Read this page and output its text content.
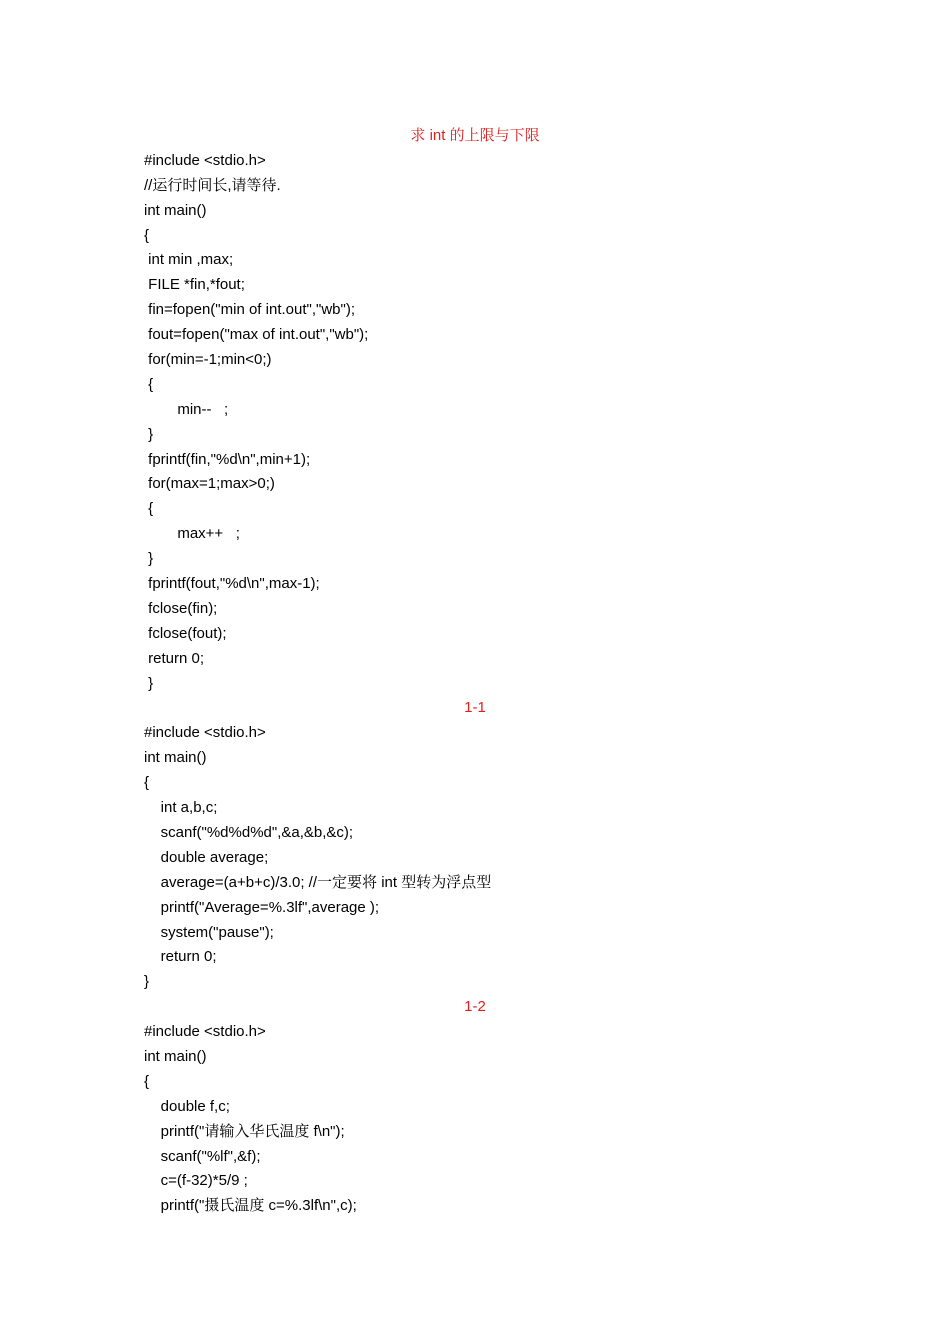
求 int 的上限与下限
#include <stdio.h>
//运行时间长,请等待.
int main()
{
int min ,max;
FILE *fin,*fout;
fin=fopen("min of int.out","wb");
fout=fopen("max of int.out","wb");
for(min=-1;min<0;)
{
min--   ;
}
fprintf(fin,"%d\n",min+1);
for(max=1;max>0;)
{
max++   ;
}
fprintf(fout,"%d\n",max-1);
fclose(fin);
fclose(fout);
return 0;
}
1-1
#include <stdio.h>
int main()
{
int a,b,c;
scanf("%d%d%d",&a,&b,&c);
double average;
average=(a+b+c)/3.0; //一定要将 int 型转为浮点型
printf("Average=%.3lf",average );
system("pause");
return 0;
}
1-2
#include <stdio.h>
int main()
{
double f,c;
printf("请输入华氏温度 f\n");
scanf("%lf",&f);
c=(f-32)*5/9 ;
printf("摄氏温度 c=%.3lf\n",c);
